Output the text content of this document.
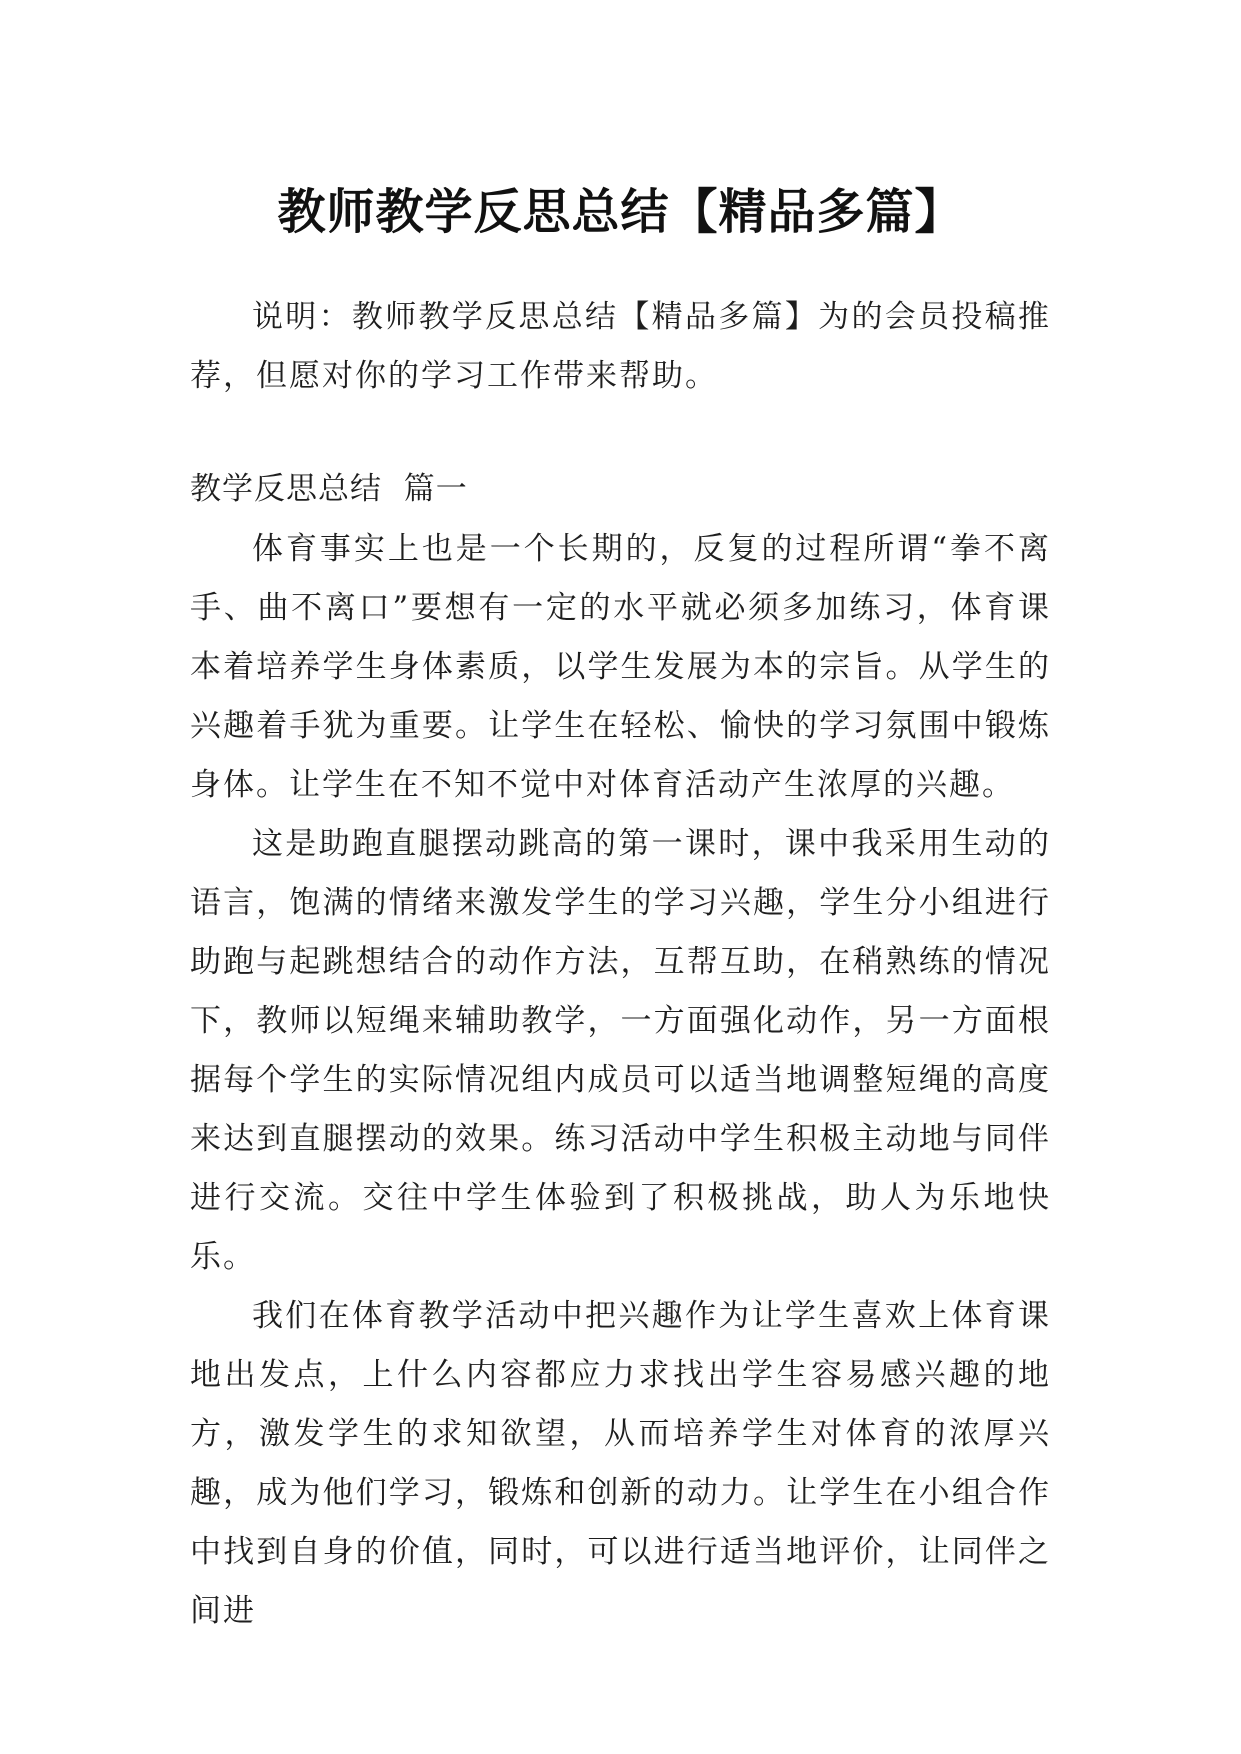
教师教学反思总结【精品多篇】

说明：教师教学反思总结【精品多篇】为的会员投稿推荐，但愿对你的学习工作带来帮助。

教学反思总结  篇一

体育事实上也是一个长期的，反复的过程所谓“拳不离手、曲不离口”要想有一定的水平就必须多加练习，体育课本着培养学生身体素质，以学生发展为本的宗旨。从学生的兴趣着手犹为重要。让学生在轻松、愉快的学习氛围中锻炼身体。让学生在不知不觉中对体育活动产生浓厚的兴趣。

这是助跑直腿摆动跳高的第一课时，课中我采用生动的语言，饱满的情绪来激发学生的学习兴趣，学生分小组进行助跑与起跳想结合的动作方法，互帮互助，在稍熟练的情况下，教师以短绳来辅助教学，一方面强化动作，另一方面根据每个学生的实际情况组内成员可以适当地调整短绳的高度来达到直腿摆动的效果。练习活动中学生积极主动地与同伴进行交流。交往中学生体验到了积极挑战，助人为乐地快乐。

我们在体育教学活动中把兴趣作为让学生喜欢上体育课地出发点，上什么内容都应力求找出学生容易感兴趣的地方，激发学生的求知欲望，从而培养学生对体育的浓厚兴趣，成为他们学习，锻炼和创新的动力。让学生在小组合作中找到自身的价值，同时，可以进行适当地评价，让同伴之间进
